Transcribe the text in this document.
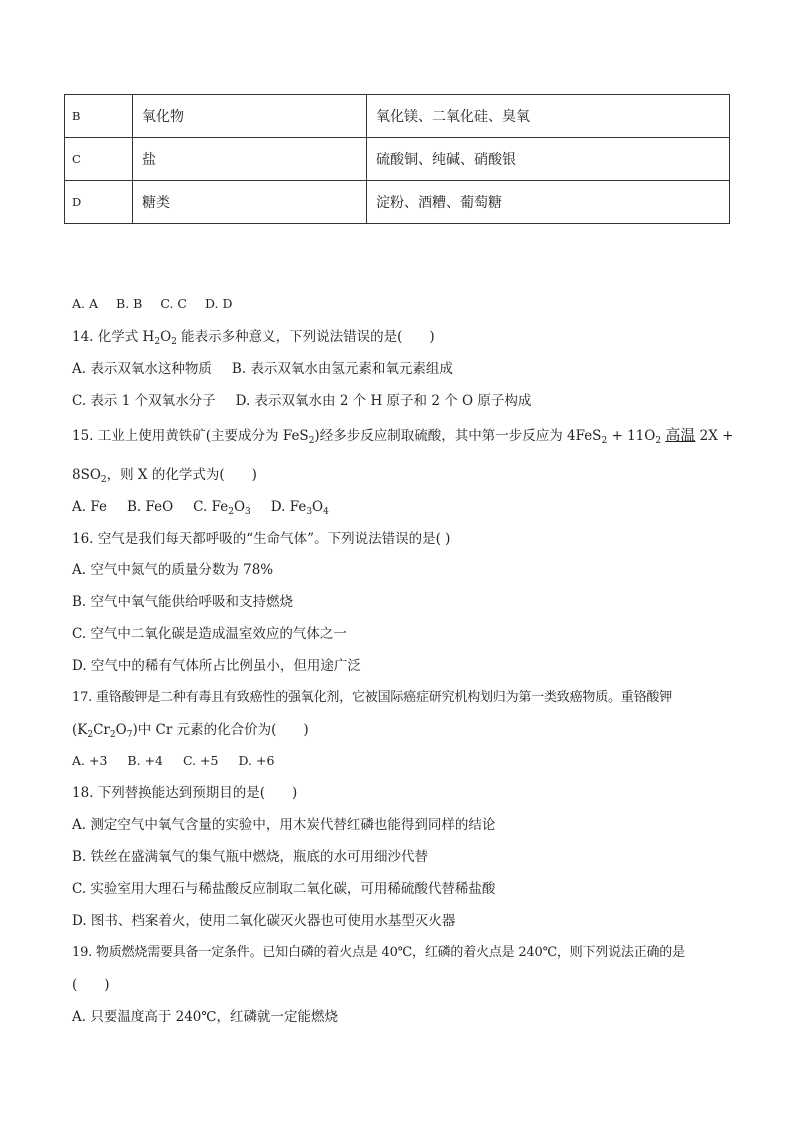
B	氧化物	氧化镁、二氧化硅、臭氧
C	盐	硫酸铜、纯碱、硝酸银
D	糖类	淀粉、酒糟、葡萄糖
A. A B. B C. C D. D
14. 化学式 $H_2O_2$ 能表示多种意义，下列说法错误的是(　　)
A. 表示双氧水这种物质 B. 表示双氧水由氢元素和氧元素组成
C. 表示 1 个双氧水分子 D. 表示双氧水由 2 个 H 原子和 2 个 O 原子构成
15. 工业上使用黄铁矿(主要成分为 FeS$_2$)经多步反应制取硫酸，其中第一步反应为 $4FeS_2 + 11O_2$ 高温 2X +
$8SO_2$，则 X 的化学式为(　　)
A. Fe B. FeO C. $Fe_2O_3$ D. $Fe_3O_4$
16. 空气是我们每天都呼吸的“生命气体”。下列说法错误的是( )
A. 空气中氮气的质量分数为 78%
B. 空气中氧气能供给呼吸和支持燃烧
C. 空气中二氧化碳是造成温室效应的气体之一
D. 空气中的稀有气体所占比例虽小，但用途广泛
17. 重铬酸钾是二种有毒且有致癌性的强氧化剂，它被国际癌症研究机构划归为第一类致癌物质。重铬酸钾
$(K_2Cr_2O_7)$中 Cr 元素的化合价为(　　)
A. +3 B. +4 C. +5 D. +6
18. 下列替换能达到预期目的是(　　)
A. 测定空气中氧气含量的实验中，用木炭代替红磷也能得到同样的结论
B. 铁丝在盛满氧气的集气瓶中燃烧，瓶底的水可用细沙代替
C. 实验室用大理石与稀盐酸反应制取二氧化碳，可用稀硫酸代替稀盐酸
D. 图书、档案着火，使用二氧化碳灭火器也可使用水基型灭火器
19. 物质燃烧需要具备一定条件。已知白磷的着火点是 40℃，红磷的着火点是 240℃，则下列说法正确的是
(　　)
A. 只要温度高于 240℃，红磷就一定能燃烧
